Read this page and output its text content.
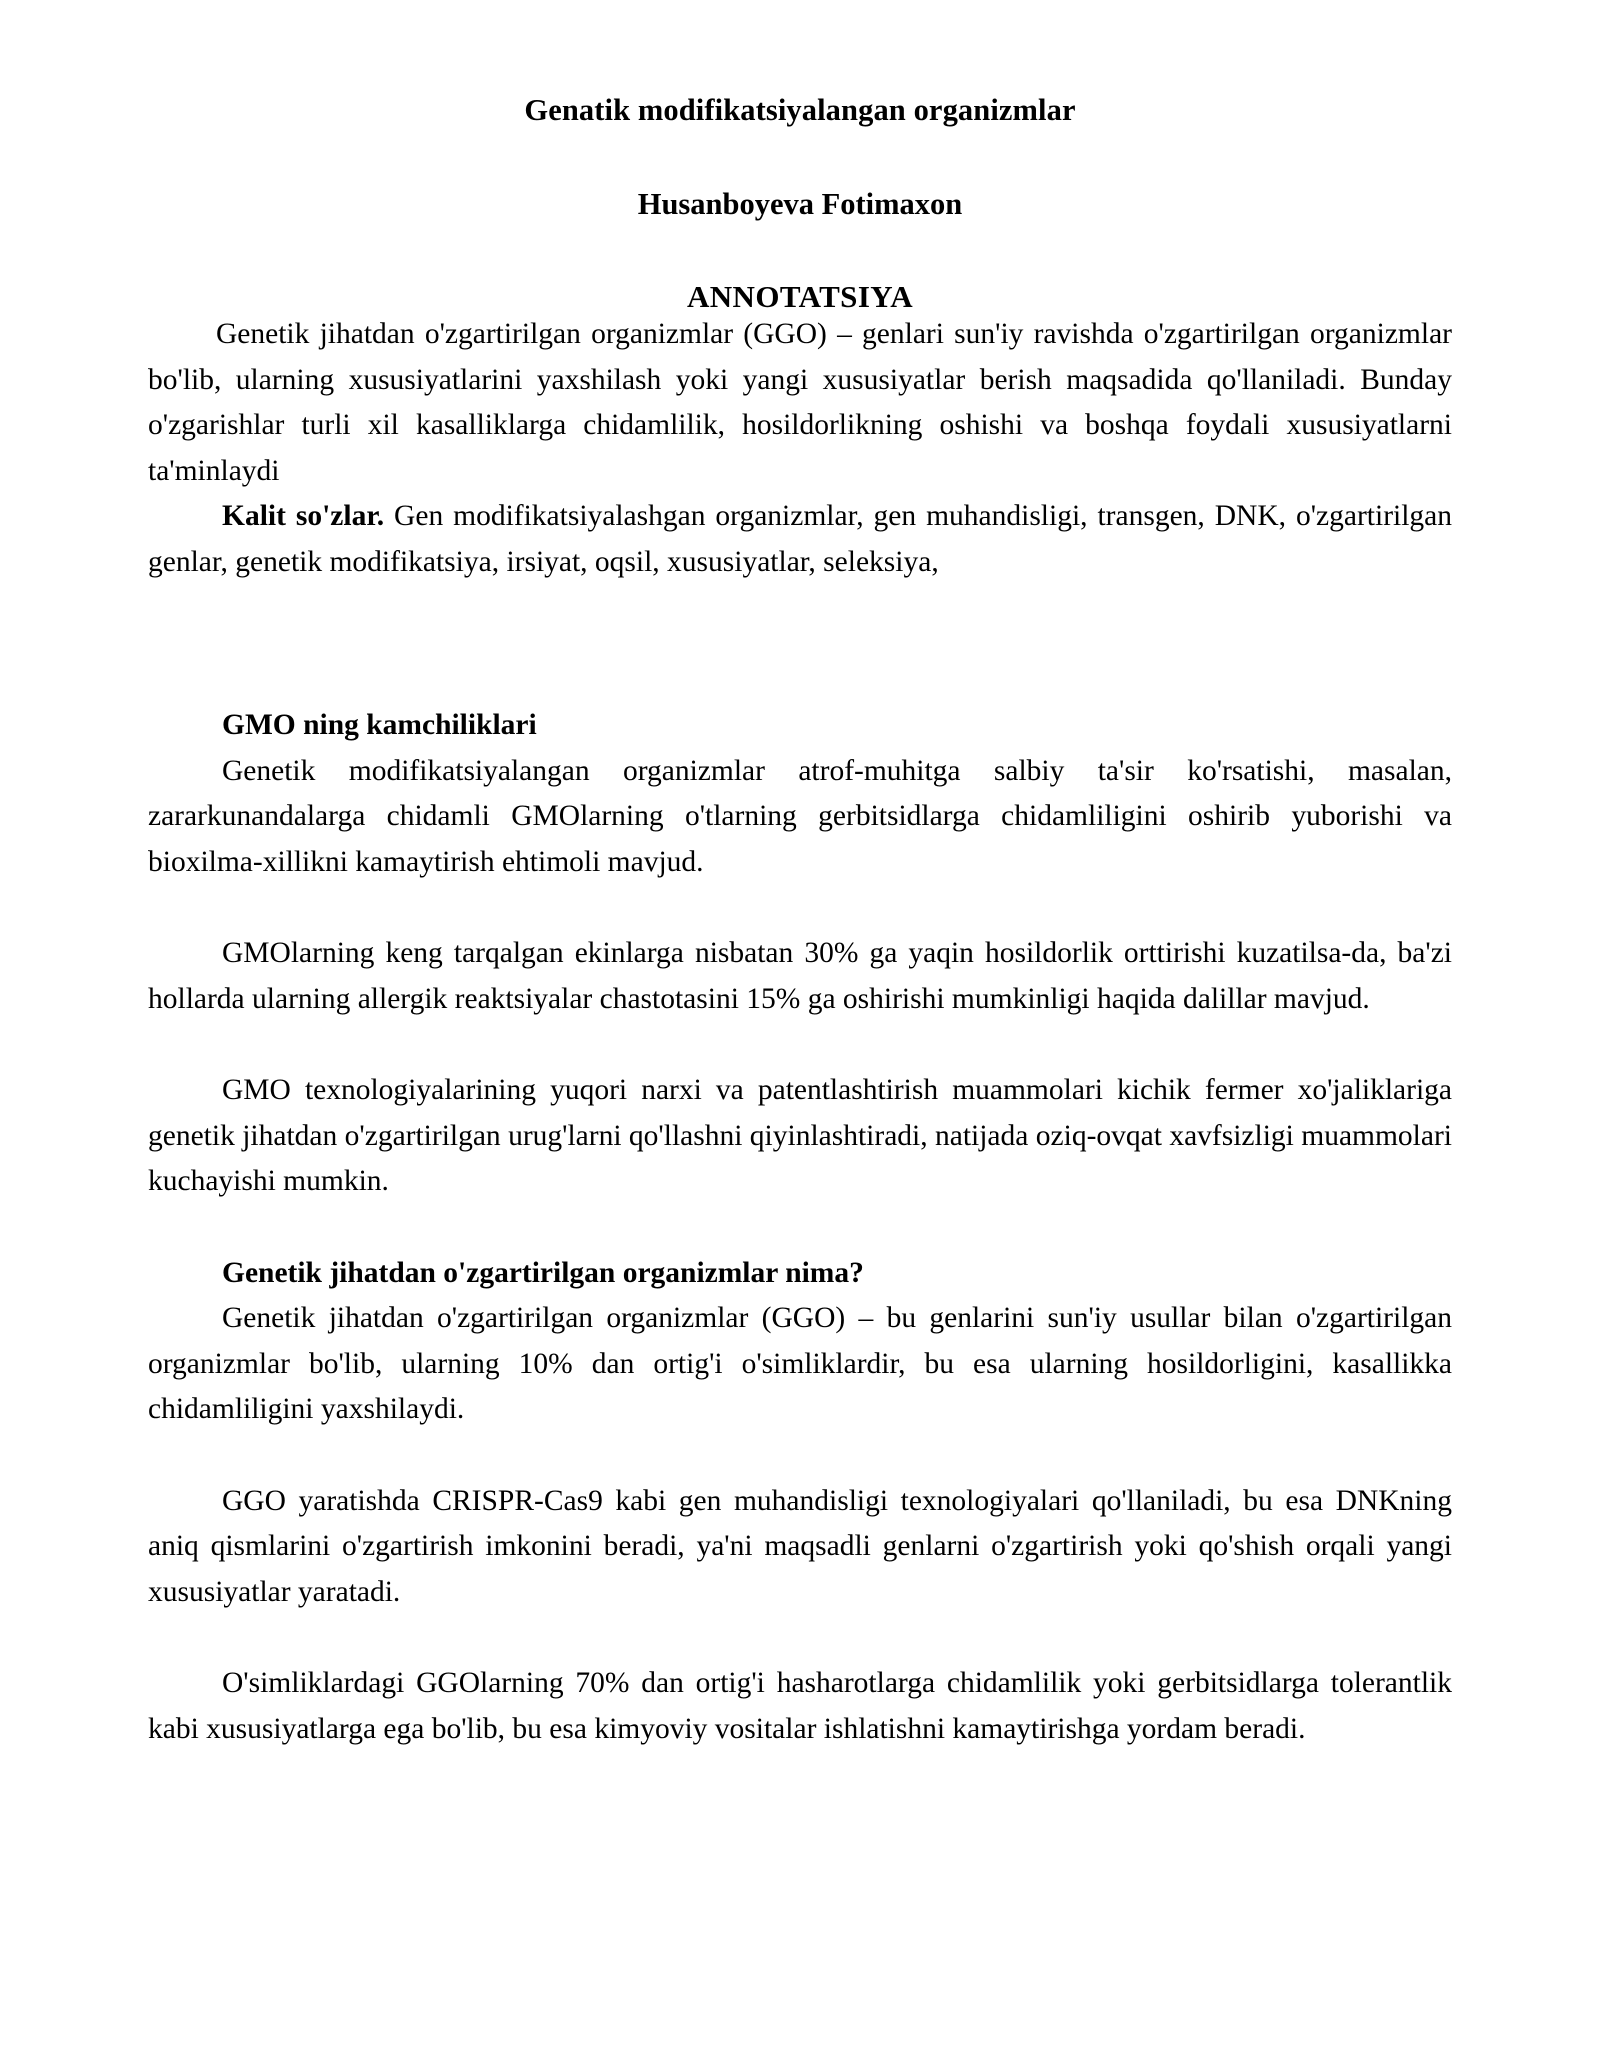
Genatik modifikatsiyalangan organizmlar
Husanboyeva Fotimaxon
ANNOTATSIYA

Genetik jihatdan o'zgartirilgan organizmlar (GGO) – genlari sun'iy ravishda o'zgartirilgan organizmlar bo'lib, ularning xususiyatlarini yaxshilash yoki yangi xususiyatlar berish maqsadida qo'llaniladi. Bunday o'zgarishlar turli xil kasalliklarga chidamlilik, hosildorlikning oshishi va boshqa foydali xususiyatlarni ta'minlaydi

Kalit so'zlar. Gen modifikatsiyalashgan organizmlar, gen muhandisligi, transgen, DNK, o'zgartirilgan genlar, genetik modifikatsiya, irsiyat, oqsil, xususiyatlar, seleksiya,

GMO ning kamchiliklari

Genetik modifikatsiyalangan organizmlar atrof-muhitga salbiy ta'sir ko'rsatishi, masalan, zararkunandalarga chidamli GMOlarning o'tlarning gerbitsidlarga chidamliligini oshirib yuborishi va bioxilma-xillikni kamaytirish ehtimoli mavjud.

GMOlarning keng tarqalgan ekinlarga nisbatan 30% ga yaqin hosildorlik orttirishi kuzatilsa-da, ba'zi hollarda ularning allergik reaktsiyalar chastotasini 15% ga oshirishi mumkinligi haqida dalillar mavjud.

GMO texnologiyalarining yuqori narxi va patentlashtirish muammolari kichik fermer xo'jaliklariga genetik jihatdan o'zgartirilgan urug'larni qo'llashni qiyinlashtiradi, natijada oziq-ovqat xavfsizligi muammolari kuchayishi mumkin.

Genetik jihatdan o'zgartirilgan organizmlar nima?

Genetik jihatdan o'zgartirilgan organizmlar (GGO) – bu genlarini sun'iy usullar bilan o'zgartirilgan organizmlar bo'lib, ularning 10% dan ortig'i o'simliklardir, bu esa ularning hosildorligini, kasallikka chidamliligini yaxshilaydi.

GGO yaratishda CRISPR-Cas9 kabi gen muhandisligi texnologiyalari qo'llaniladi, bu esa DNKning aniq qismlarini o'zgartirish imkonini beradi, ya'ni maqsadli genlarni o'zgartirish yoki qo'shish orqali yangi xususiyatlar yaratadi.

O'simliklardagi GGOlarning 70% dan ortig'i hasharotlarga chidamlilik yoki gerbitsidlarga tolerantlik kabi xususiyatlarga ega bo'lib, bu esa kimyoviy vositalar ishlatishni kamaytirishga yordam beradi.
